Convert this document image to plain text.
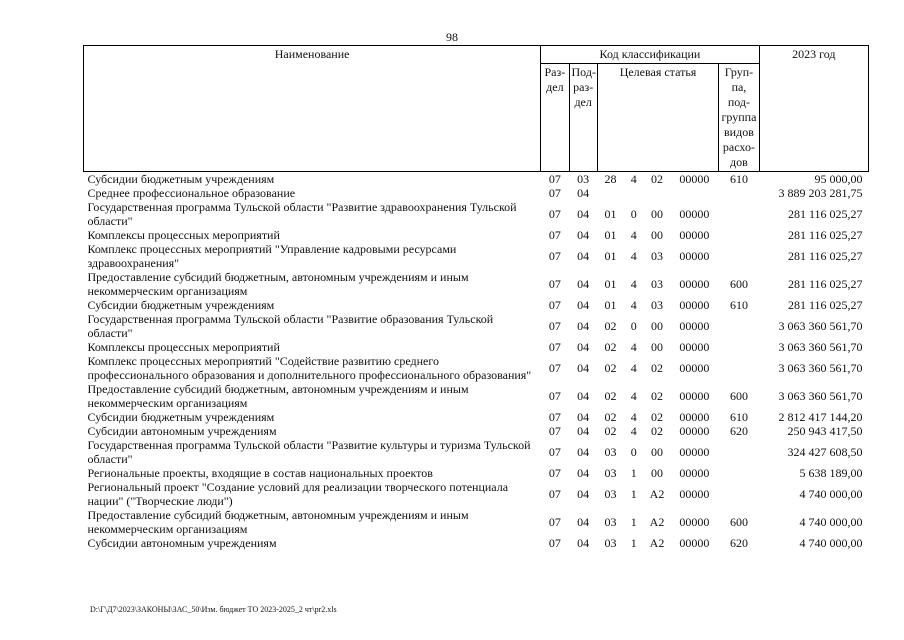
98
Наименование	Код классификации							2023 год
	Раз-дел	Под-раз-дел	Целевая статья				Груп-па, под-группа видов расхо-дов	
Субсидии бюджетным учреждениям	07	03	28	4	02	00000	610	95 000,00
Среднее профессиональное образование	07	04						3 889 203 281,75
Государственная программа Тульской области "Развитие здравоохранения Тульской области"	07	04	01	0	00	00000		281 116 025,27
Комплексы процессных мероприятий	07	04	01	4	00	00000		281 116 025,27
Комплекс процессных мероприятий "Управление кадровыми ресурсами здравоохранения"	07	04	01	4	03	00000		281 116 025,27
Предоставление субсидий бюджетным, автономным учреждениям и иным некоммерческим организациям	07	04	01	4	03	00000	600	281 116 025,27
Субсидии бюджетным учреждениям	07	04	01	4	03	00000	610	281 116 025,27
Государственная программа Тульской области "Развитие образования Тульской области"	07	04	02	0	00	00000		3 063 360 561,70
Комплексы процессных мероприятий	07	04	02	4	00	00000		3 063 360 561,70
Комплекс процессных мероприятий "Содействие развитию среднего профессионального образования и дополнительного профессионального образования"	07	04	02	4	02	00000		3 063 360 561,70
Предоставление субсидий бюджетным, автономным учреждениям и иным некоммерческим организациям	07	04	02	4	02	00000	600	3 063 360 561,70
Субсидии бюджетным учреждениям	07	04	02	4	02	00000	610	2 812 417 144,20
Субсидии автономным учреждениям	07	04	02	4	02	00000	620	250 943 417,50
Государственная программа Тульской области "Развитие культуры и туризма Тульской области"	07	04	03	0	00	00000		324 427 608,50
Региональные проекты, входящие в состав национальных проектов	07	04	03	1	00	00000		5 638 189,00
Региональный проект "Создание условий для реализации творческого потенциала нации" ("Творческие люди")	07	04	03	1	A2	00000		4 740 000,00
Предоставление субсидий бюджетным, автономным учреждениям и иным некоммерческим организациям	07	04	03	1	A2	00000	600	4 740 000,00
Субсидии автономным учреждениям	07	04	03	1	A2	00000	620	4 740 000,00
D:\Г\Д7\2023\ЗАКОНЫ\ЗАС_50\Изм. бюджет ТО 2023-2025_2 чт\pr2.xls
